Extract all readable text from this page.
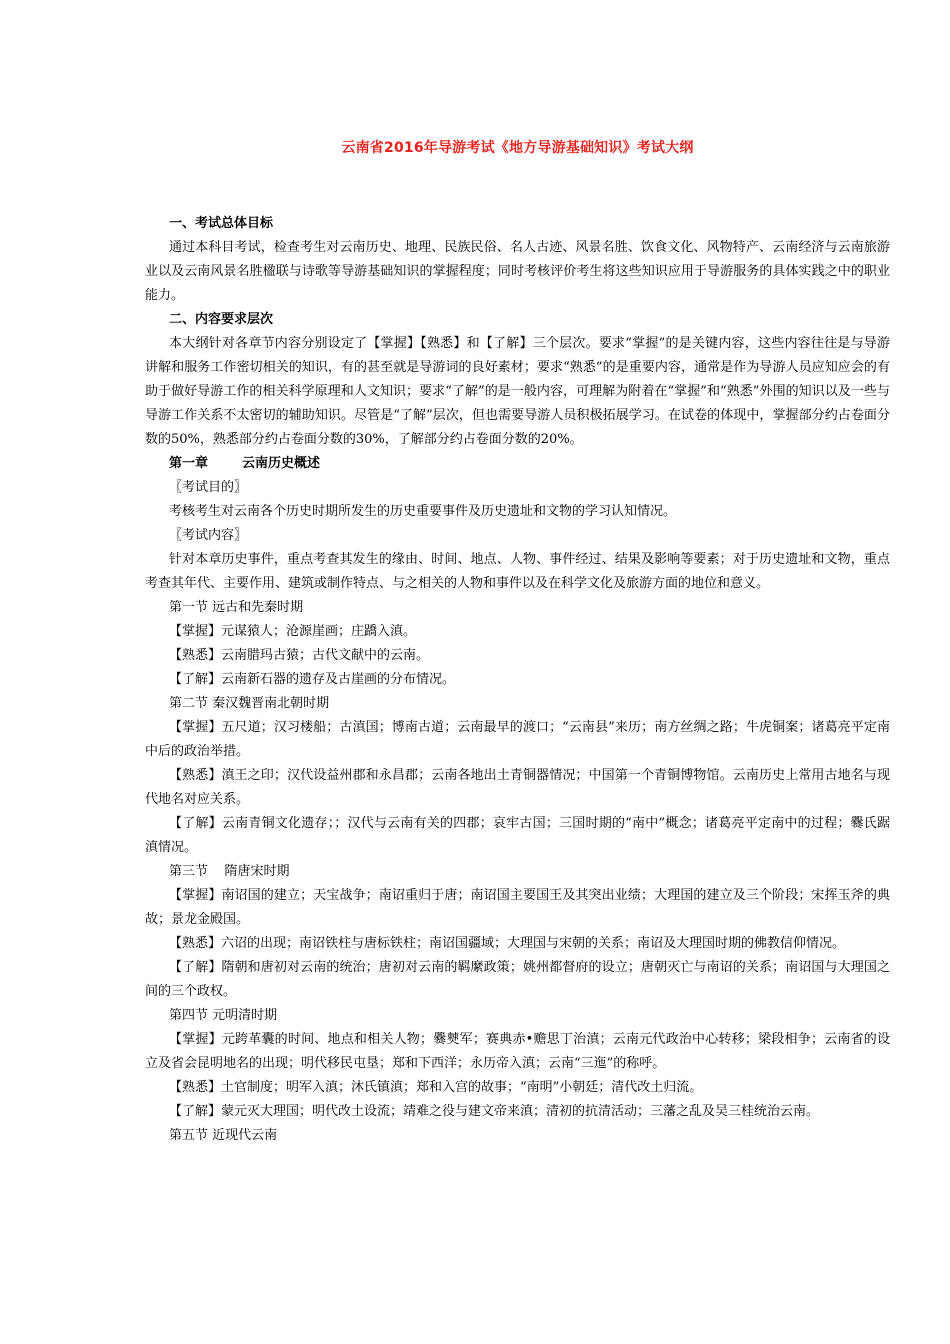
云南省2016年导游考试《地方导游基础知识》考试大纲
一、考试总体目标
通过本科目考试，检查考生对云南历史、地理、民族民俗、名人古迹、风景名胜、饮食文化、风物特产、云南经济与云南旅游业以及云南风景名胜楹联与诗歌等导游基础知识的掌握程度；同时考核评价考生将这些知识应用于导游服务的具体实践之中的职业能力。
二、内容要求层次
本大纲针对各章节内容分别设定了【掌握】【熟悉】和【了解】三个层次。要求“掌握”的是关键内容，这些内容往往是与导游讲解和服务工作密切相关的知识，有的甚至就是导游词的良好素材；要求“熟悉”的是重要内容，通常是作为导游人员应知应会的有助于做好导游工作的相关科学原理和人文知识；要求“了解”的是一般内容，可理解为附着在“掌握”和“熟悉”外围的知识以及一些与导游工作关系不太密切的辅助知识。尽管是“了解”层次，但也需要导游人员积极拓展学习。在试卷的体现中，掌握部分约占卷面分数的50%，熟悉部分约占卷面分数的30%，了解部分约占卷面分数的20%。
第一章	云南历史概述
〖考试目的〗
考核考生对云南各个历史时期所发生的历史重要事件及历史遗址和文物的学习认知情况。
〖考试内容〗
针对本章历史事件，重点考查其发生的缘由、时间、地点、人物、事件经过、结果及影响等要素；对于历史遗址和文物，重点考查其年代、主要作用、建筑或制作特点、与之相关的人物和事件以及在科学文化及旅游方面的地位和意义。
第一节 远古和先秦时期
【掌握】元谋猿人；沧源崖画；庄蹻入滇。
【熟悉】云南腊玛古猿；古代文献中的云南。
【了解】云南新石器的遗存及古崖画的分布情况。
第二节 秦汉魏晋南北朝时期
【掌握】五尺道；汉习楼船；古滇国；博南古道；云南最早的渡口；“云南县”来历；南方丝绸之路；牛虎铜案；诸葛亮平定南中后的政治举措。
【熟悉】滇王之印；汉代设益州郡和永昌郡；云南各地出土青铜器情况；中国第一个青铜博物馆。云南历史上常用古地名与现代地名对应关系。
【了解】云南青铜文化遗存；；汉代与云南有关的四郡；哀牢古国；三国时期的“南中”概念；诸葛亮平定南中的过程；爨氏踞滇情况。
第三节    隋唐宋时期
【掌握】南诏国的建立；天宝战争；南诏重归于唐；南诏国主要国王及其突出业绩；大理国的建立及三个阶段；宋挥玉斧的典故；景龙金殿国。
【熟悉】六诏的出现；南诏铁柱与唐标铁柱；南诏国疆域；大理国与宋朝的关系；南诏及大理国时期的佛教信仰情况。
【了解】隋朝和唐初对云南的统治；唐初对云南的羁縻政策；姚州都督府的设立；唐朝灭亡与南诏的关系；南诏国与大理国之间的三个政权。
第四节 元明清时期
【掌握】元跨革囊的时间、地点和相关人物；爨僰军；赛典赤•赡思丁治滇；云南元代政治中心转移；梁段相争；云南省的设立及省会昆明地名的出现；明代移民屯垦；郑和下西洋；永历帝入滇；云南“三迤”的称呼。
【熟悉】土官制度；明军入滇；沐氏镇滇；郑和入宫的故事；“南明”小朝廷；清代改土归流。
【了解】蒙元灭大理国；明代改土设流；靖难之役与建文帝来滇；清初的抗清活动；三藩之乱及吴三桂统治云南。
第五节 近现代云南
